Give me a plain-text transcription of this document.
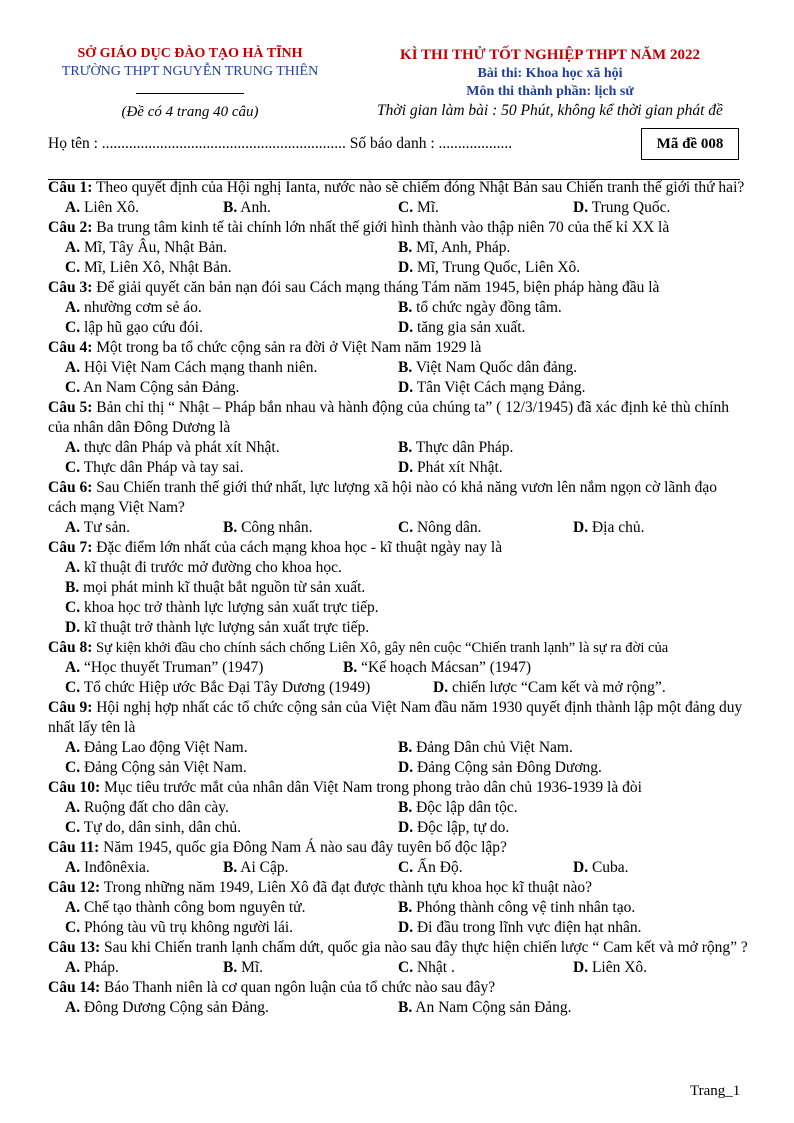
SỞ GIÁO DỤC ĐÀO TẠO HÀ TĨNH
TRƯỜNG THPT NGUYỄN TRUNG THIÊN
(Đề có 4 trang 40 câu)
KÌ THI THỬ TỐT NGHIỆP THPT NĂM 2022
Bài thi: Khoa học xã hội
Môn thi thành phần: lịch sử
Thời gian làm bài : 50 Phút, không kể thời gian phát đề
Họ tên : ............................................................... Số báo danh : ...................	Mã đề 008
Câu 1: Theo quyết định của Hội nghị Ianta, nước nào sẽ chiếm đóng Nhật Bản sau Chiến tranh thế giới thứ hai?
A. Liên Xô.	B. Anh.	C. Mĩ.	D. Trung Quốc.
Câu 2: Ba trung tâm kinh tế tài chính lớn nhất thế giới hình thành vào thập niên 70 của thế kỉ XX là
A. Mĩ, Tây Âu, Nhật Bản.	B. Mĩ, Anh, Pháp.
C. Mĩ, Liên Xô, Nhật Bản.	D. Mĩ, Trung Quốc, Liên Xô.
Câu 3: Để giải quyết căn bản nạn đói sau Cách mạng tháng Tám năm 1945, biện pháp hàng đầu là
A. nhường cơm sẻ áo.	B. tổ chức ngày đồng tâm.
C. lập hũ gạo cứu đói.	D. tăng gia sản xuất.
Câu 4: Một trong ba tổ chức cộng sản ra đời ở Việt Nam năm 1929 là
A. Hội Việt Nam Cách mạng thanh niên.	B. Việt Nam Quốc dân đảng.
C. An Nam Cộng sản Đảng.	D. Tân Việt Cách mạng Đảng.
Câu 5: Bản chỉ thị “ Nhật – Pháp bắn nhau và hành động của chúng ta” ( 12/3/1945) đã xác định kẻ thù chính của nhân dân Đông Dương là
A. thực dân Pháp và phát xít Nhật.	B. Thực dân Pháp.
C. Thực dân Pháp và tay sai.	D. Phát xít Nhật.
Câu 6: Sau Chiến tranh thế giới thứ nhất, lực lượng xã hội nào có khả năng vươn lên nắm ngọn cờ lãnh đạo cách mạng Việt Nam?
A. Tư sản.	B. Công nhân.	C. Nông dân.	D. Địa chủ.
Câu 7: Đặc điểm lớn nhất của cách mạng khoa học - kĩ thuật ngày nay là
A. kĩ thuật đi trước mở đường cho khoa học.
B. mọi phát minh kĩ thuật bắt nguồn từ sản xuất.
C. khoa học trở thành lực lượng sản xuất trực tiếp.
D. kĩ thuật trở thành lực lượng sản xuất trực tiếp.
Câu 8: Sự kiện khởi đầu cho chính sách chống Liên Xô, gây nên cuộc “Chiến tranh lạnh” là sự ra đời của
A. “Học thuyết Truman” (1947)	B. “Kế hoạch Mácsan” (1947)
C. Tổ chức Hiệp ước Bắc Đại Tây Dương (1949)	D. chiến lược “Cam kết và mở rộng”.
Câu 9: Hội nghị hợp nhất các tổ chức cộng sản của Việt Nam đầu năm 1930 quyết định thành lập một đảng duy nhất lấy tên là
A. Đảng Lao động Việt Nam.	B. Đảng Dân chủ Việt Nam.
C. Đảng Cộng sản Việt Nam.	D. Đảng Cộng sản Đông Dương.
Câu 10: Mục tiêu trước mắt của nhân dân Việt Nam trong phong trào dân chủ 1936-1939 là đòi
A. Ruộng đất cho dân cày.	B. Độc lập dân tộc.
C. Tự do, dân sinh, dân chủ.	D. Độc lập, tự do.
Câu 11: Năm 1945, quốc gia Đông Nam Á nào sau đây tuyên bố độc lập?
A. Inđônêxia.	B. Ai Cập.	C. Ấn Độ.	D. Cuba.
Câu 12: Trong những năm 1949, Liên Xô đã đạt được thành tựu khoa học kĩ thuật nào?
A. Chế tạo thành công bom nguyên tử.	B. Phóng thành công vệ tinh nhân tạo.
C. Phóng tàu vũ trụ không người lái.	D. Đi đầu trong lĩnh vực điện hạt nhân.
Câu 13: Sau khi Chiến tranh lạnh chấm dứt, quốc gia nào sau đây thực hiện chiến lược “ Cam kết và mở rộng” ?
A. Pháp.	B. Mĩ.	C. Nhật .	D. Liên Xô.
Câu 14: Báo Thanh niên là cơ quan ngôn luận của tổ chức nào sau đây?
A. Đông Dương Cộng sản Đảng.	B. An Nam Cộng sản Đảng.
Trang_1
